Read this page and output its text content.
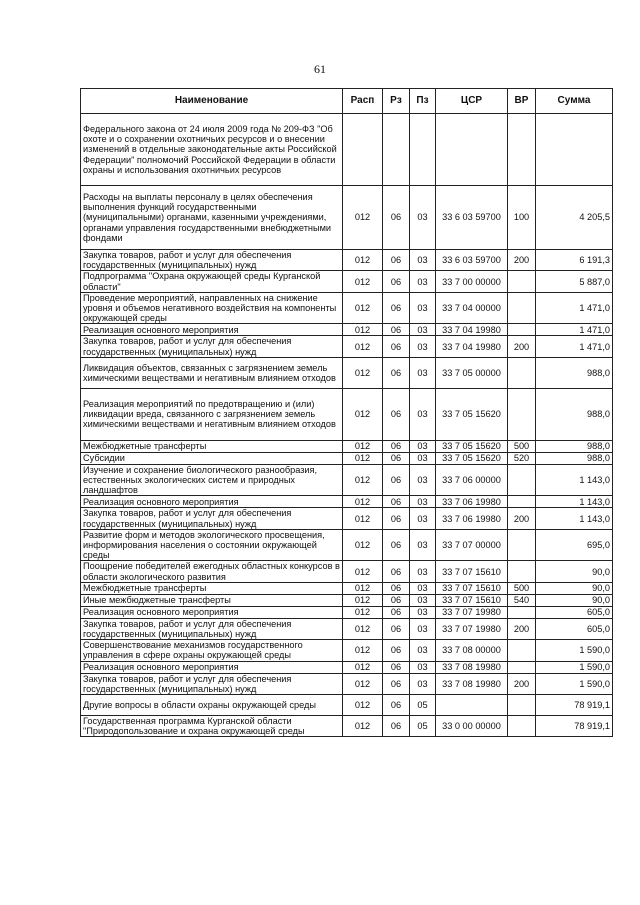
61
Наименование	Расп	Рз	Пз	ЦСР	ВР	Сумма
Федерального закона от 24 июля 2009 года № 209-ФЗ "Об охоте и о сохранении охотничьих ресурсов и о внесении изменений в отдельные законодательные акты Российской Федерации" полномочий Российской Федерации в области охраны и использования охотничьих ресурсов						
Расходы на выплаты персоналу в целях обеспечения выполнения функций государственными (муниципальными) органами, казенными учреждениями, органами управления государственными внебюджетными фондами	012	06	03	33 6 03 59700	100	4 205,5
Закупка товаров, работ и услуг для обеспечения государственных (муниципальных) нужд	012	06	03	33 6 03 59700	200	6 191,3
Подпрограмма "Охрана окружающей среды Курганской области"	012	06	03	33 7 00 00000		5 887,0
Проведение мероприятий, направленных на снижение уровня и объемов негативного воздействия на компоненты окружающей среды	012	06	03	33 7 04 00000		1 471,0
Реализация основного мероприятия	012	06	03	33 7 04 19980		1 471,0
Закупка товаров, работ и услуг для обеспечения государственных (муниципальных) нужд	012	06	03	33 7 04 19980	200	1 471,0
Ликвидация объектов, связанных с загрязнением земель химическими веществами и негативным влиянием отходов	012	06	03	33 7 05 00000		988,0
Реализация мероприятий по предотвращению и (или) ликвидации вреда, связанного с загрязнением земель химическими веществами и негативным влиянием отходов	012	06	03	33 7 05 15620		988,0
Межбюджетные трансферты	012	06	03	33 7 05 15620	500	988,0
Субсидии	012	06	03	33 7 05 15620	520	988,0
Изучение и сохранение биологического разнообразия, естественных экологических систем и природных ландшафтов	012	06	03	33 7 06 00000		1 143,0
Реализация основного мероприятия	012	06	03	33 7 06 19980		1 143,0
Закупка товаров, работ и услуг для обеспечения государственных (муниципальных) нужд	012	06	03	33 7 06 19980	200	1 143,0
Развитие форм и методов экологического просвещения, информирования населения о состоянии окружающей среды	012	06	03	33 7 07 00000		695,0
Поощрение победителей ежегодных областных конкурсов в области экологического развития	012	06	03	33 7 07 15610		90,0
Межбюджетные трансферты	012	06	03	33 7 07 15610	500	90,0
Иные межбюджетные трансферты	012	06	03	33 7 07 15610	540	90,0
Реализация основного мероприятия	012	06	03	33 7 07 19980		605,0
Закупка товаров, работ и услуг для обеспечения государственных (муниципальных) нужд	012	06	03	33 7 07 19980	200	605,0
Совершенствование механизмов государственного управления в сфере охраны окружающей среды	012	06	03	33 7 08 00000		1 590,0
Реализация основного мероприятия	012	06	03	33 7 08 19980		1 590,0
Закупка товаров, работ и услуг для обеспечения государственных (муниципальных) нужд	012	06	03	33 7 08 19980	200	1 590,0
Другие вопросы в области охраны окружающей среды	012	06	05			78 919,1
Государственная программа Курганской области "Природопользование и охрана окружающей среды	012	06	05	33 0 00 00000		78 919,1
